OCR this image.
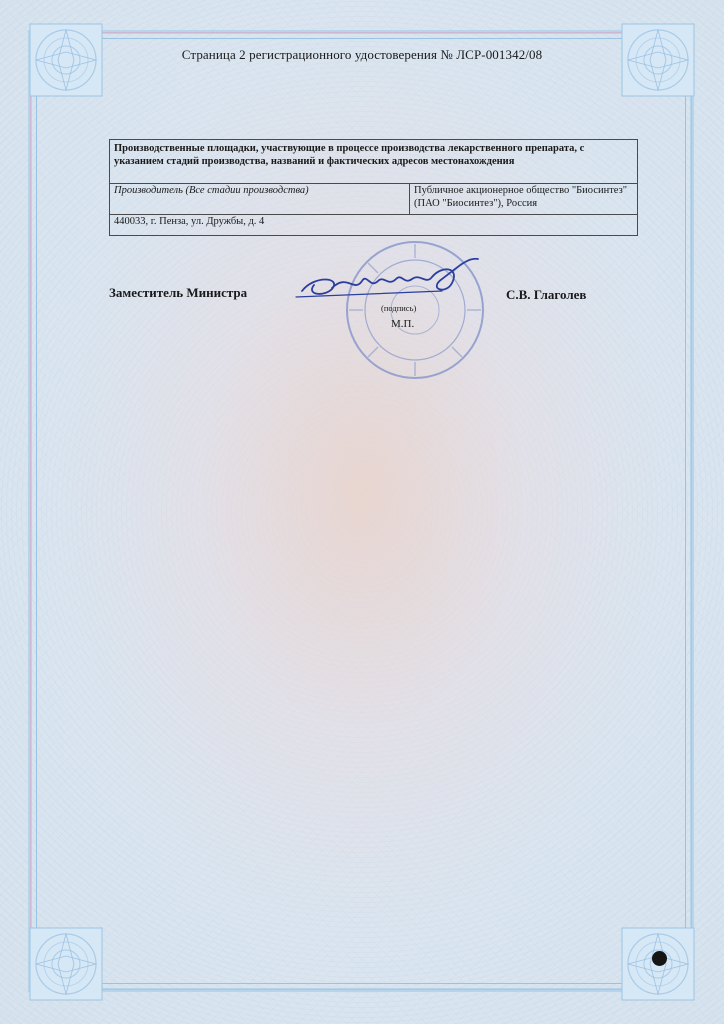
Страница 2 регистрационного удостоверения № ЛСР-001342/08
Производственные площадки, участвующие в процессе производства лекарственного препарата, с указанием стадий производства, названий и фактических адресов местонахождения
Производитель (Все стадии производства)	Публичное акционерное общество "Биосинтез" (ПАО "Биосинтез"), Россия
440033, г. Пенза, ул. Дружбы, д. 4
Заместитель Министра
(подпись)
М.П.
С.В. Глаголев
